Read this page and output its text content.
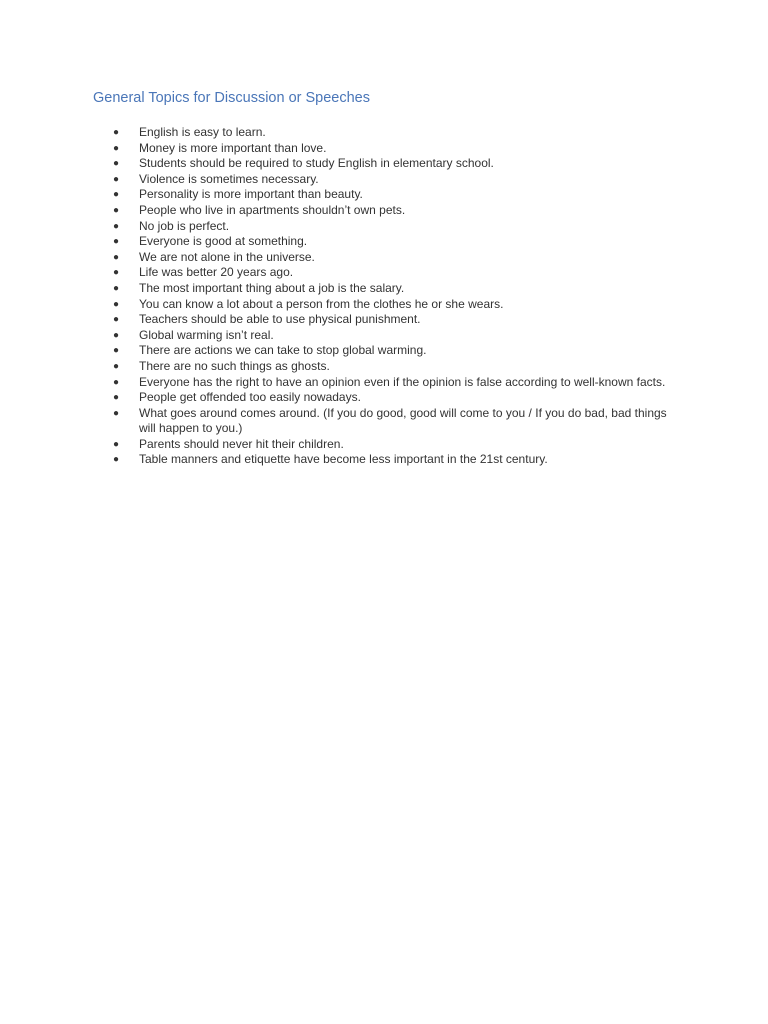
General Topics for Discussion or Speeches
● English is easy to learn.
● Money is more important than love.
● Students should be required to study English in elementary school.
● Violence is sometimes necessary.
● Personality is more important than beauty.
● People who live in apartments shouldn’t own pets.
● No job is perfect.
● Everyone is good at something.
● We are not alone in the universe.
● Life was better 20 years ago.
● The most important thing about a job is the salary.
● You can know a lot about a person from the clothes he or she wears.
● Teachers should be able to use physical punishment.
● Global warming isn’t real.
● There are actions we can take to stop global warming.
● There are no such things as ghosts.
● Everyone has the right to have an opinion even if the opinion is false according to well-known facts.
● People get offended too easily nowadays.
● What goes around comes around. (If you do good, good will come to you / If you do bad, bad things will happen to you.)
● Parents should never hit their children.
● Table manners and etiquette have become less important in the 21st century.
